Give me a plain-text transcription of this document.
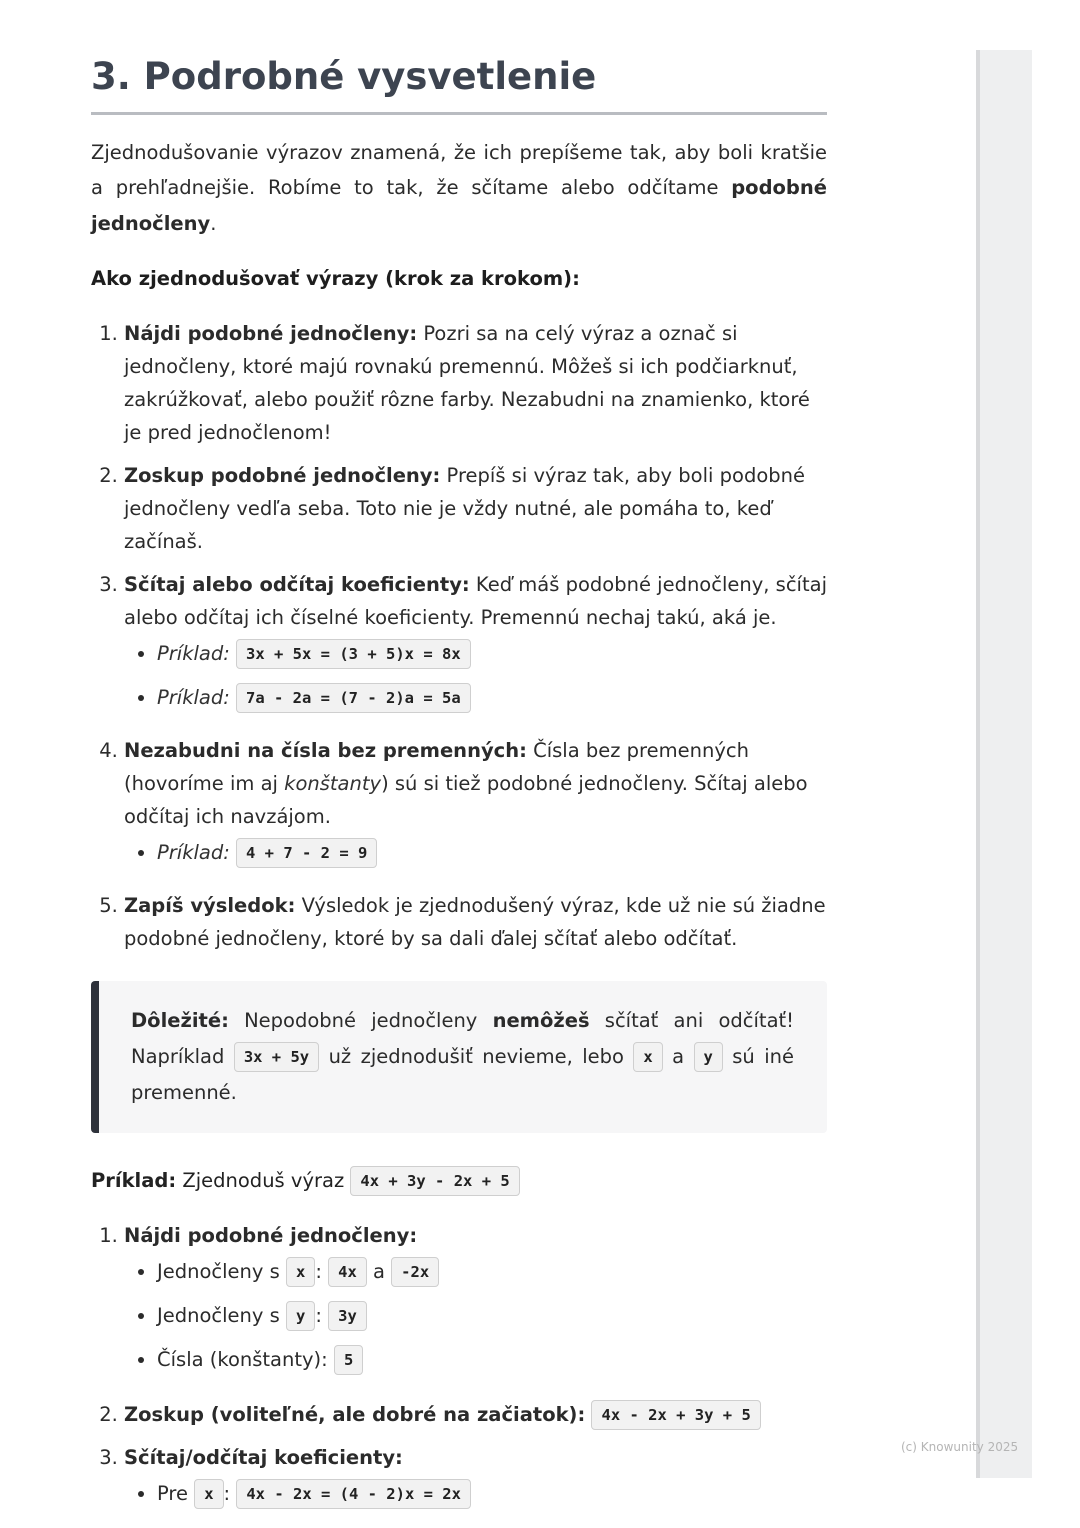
3. Podrobné vysvetlenie

Zjednodušovanie výrazov znamená, že ich prepíšeme tak, aby boli kratšie a prehľadnejšie. Robíme to tak, že sčítame alebo odčítame podobné jednočleny.

Ako zjednodušovať výrazy (krok za krokom):

1. Nájdi podobné jednočleny: Pozri sa na celý výraz a označ si jednočleny, ktoré majú rovnakú premennú. Môžeš si ich podčiarknuť, zakrúžkovať, alebo použiť rôzne farby. Nezabudni na znamienko, ktoré je pred jednočlenom!
2. Zoskup podobné jednočleny: Prepíš si výraz tak, aby boli podobné jednočleny vedľa seba. Toto nie je vždy nutné, ale pomáha to, keď začínaš.
3. Sčítaj alebo odčítaj koeficienty: Keď máš podobné jednočleny, sčítaj alebo odčítaj ich číselné koeficienty. Premennú nechaj takú, aká je.
• Príklad: 3x + 5x = (3 + 5)x = 8x
• Príklad: 7a - 2a = (7 - 2)a = 5a
4. Nezabudni na čísla bez premenných: Čísla bez premenných (hovoríme im aj konštanty) sú si tiež podobné jednočleny. Sčítaj alebo odčítaj ich navzájom.
• Príklad: 4 + 7 - 2 = 9
5. Zapíš výsledok: Výsledok je zjednodušený výraz, kde už nie sú žiadne podobné jednočleny, ktoré by sa dali ďalej sčítať alebo odčítať.
Dôležité: Nepodobné jednočleny nemôžeš sčítať ani odčítať! Napríklad 3x + 5y už zjednodušiť nevieme, lebo x a y sú iné premenné.

Príklad: Zjednoduš výraz 4x + 3y - 2x + 5

1. Nájdi podobné jednočleny:
• Jednočleny s x : 4x a -2x
• Jednočleny s y : 3y
• Čísla (konštanty): 5
2. Zoskup (voliteľné, ale dobré na začiatok): 4x - 2x + 3y + 5
3. Sčítaj/odčítaj koeficienty:
• Pre x : 4x - 2x = (4 - 2)x = 2x
(c) Knowunity 2025
